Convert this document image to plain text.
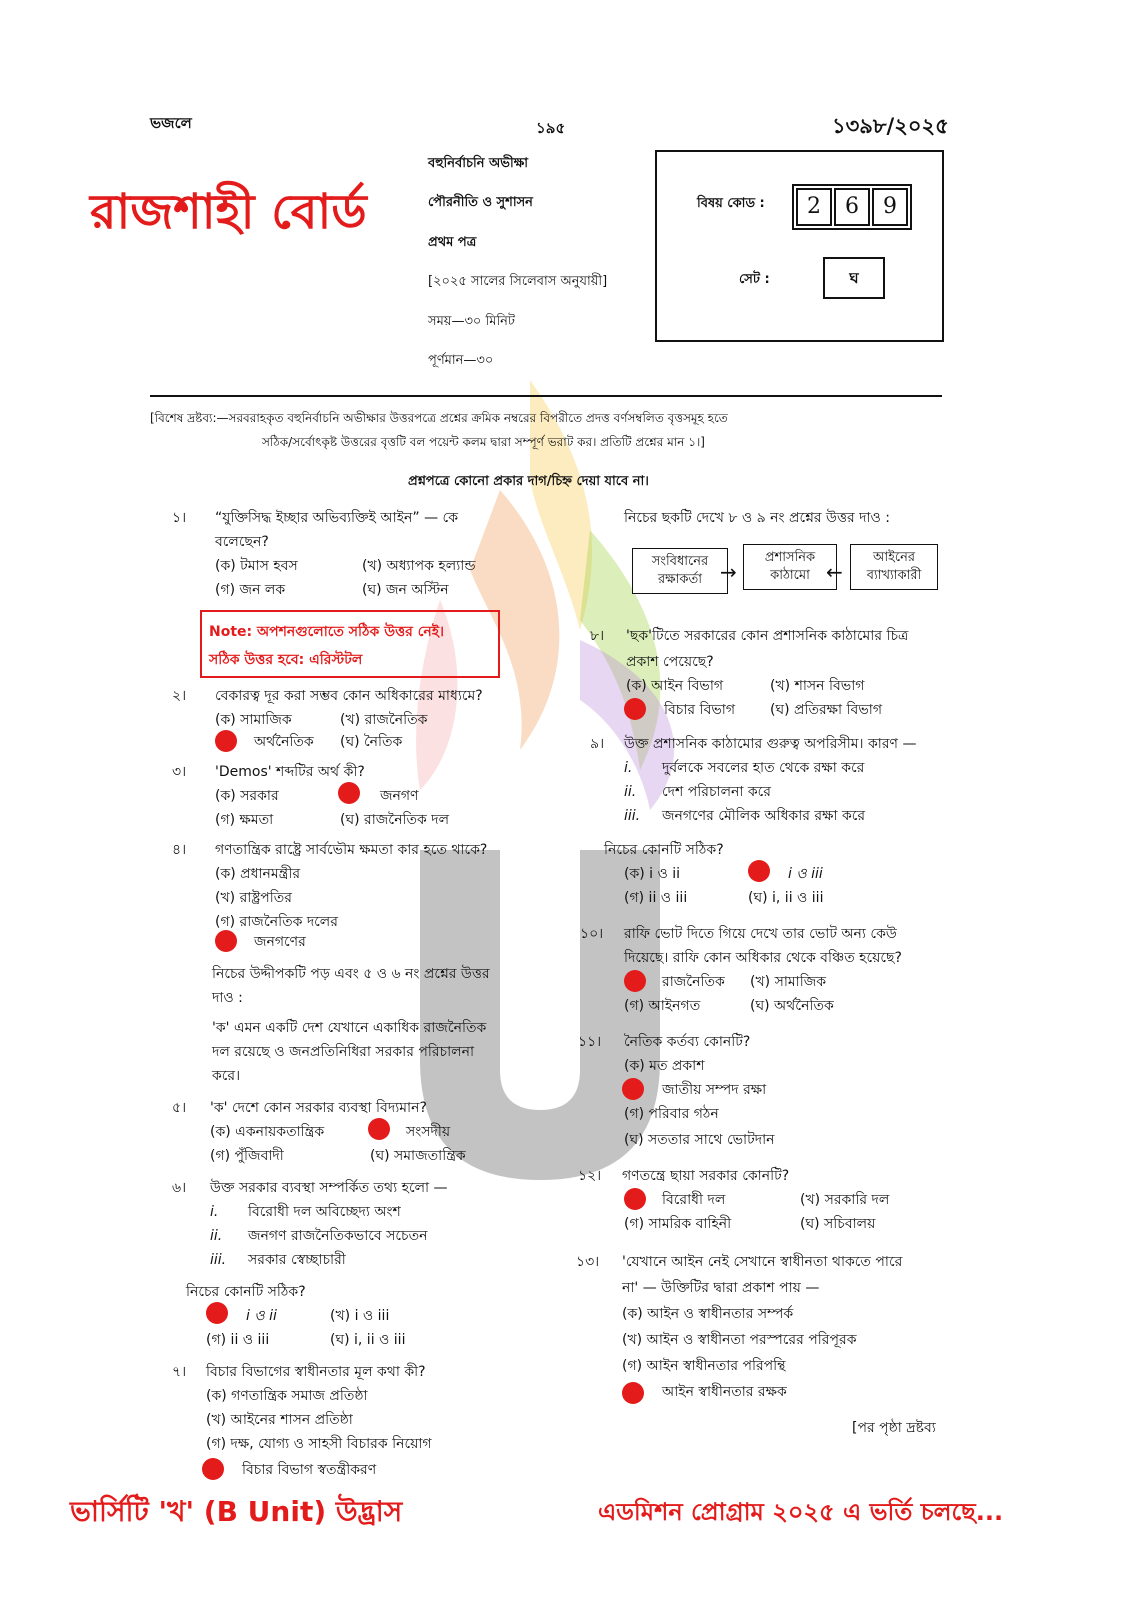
ভজলে	১৯৫	১৩৯৮/২০২৫
রাজশাহী বোর্ড
বহুনির্বাচনি অভীক্ষা
পৌরনীতি ও সুশাসন
প্রথম পত্র
[২০২৫ সালের সিলেবাস অনুযায়ী]
সময়—৩০ মিনিট
পূর্ণমান—৩০
বিষয় কোড :	2	6	9
সেট :	ঘ
[বিশেষ দ্রষ্টব্য:—সরবরাহকৃত বহুনির্বাচনি অভীক্ষার উত্তরপত্রে প্রশ্নের ক্রমিক নম্বরের বিপরীতে প্রদত্ত বর্ণসম্বলিত বৃত্তসমূহ হতে
সঠিক/সর্বোৎকৃষ্ট উত্তরের বৃত্তটি বল পয়েন্ট কলম দ্বারা সম্পূর্ণ ভরাট কর। প্রতিটি প্রশ্নের মান ১।]
প্রশ্নপত্রে কোনো প্রকার দাগ/চিহ্ন দেয়া যাবে না।
১। “যুক্তিসিদ্ধ ইচ্ছার অভিব্যক্তিই আইন” — কে
বলেছেন?
(ক) টমাস হবস	(খ) অধ্যাপক হল্যান্ড
(গ) জন লক	(ঘ) জন অস্টিন
Note: অপশনগুলোতে সঠিক উত্তর নেই।
সঠিক উত্তর হবে: এরিস্টটল
২। বেকারত্ব দূর করা সম্ভব কোন অধিকারের মাধ্যমে?
(ক) সামাজিক	(খ) রাজনৈতিক
অর্থনৈতিক (ঘ) নৈতিক
৩। 'Demos' শব্দটির অর্থ কী?
(ক) সরকার	জনগণ
(গ) ক্ষমতা	(ঘ) রাজনৈতিক দল
৪। গণতান্ত্রিক রাষ্ট্রে সার্বভৌম ক্ষমতা কার হতে থাকে?
(ক) প্রধানমন্ত্রীর
(খ) রাষ্ট্রপতির
(গ) রাজনৈতিক দলের
জনগণের
নিচের উদ্দীপকটি পড় এবং ৫ ও ৬ নং প্রশ্নের উত্তর
দাও :
'ক' এমন একটি দেশ যেখানে একাধিক রাজনৈতিক
দল রয়েছে ও জনপ্রতিনিধিরা সরকার পরিচালনা
করে।
৫। 'ক' দেশে কোন সরকার ব্যবস্থা বিদ্যমান?
(ক) একনায়কতান্ত্রিক	সংসদীয়
(গ) পুঁজিবাদী	(ঘ) সমাজতান্ত্রিক
৬। উক্ত সরকার ব্যবস্থা সম্পর্কিত তথ্য হলো —
i. বিরোধী দল অবিচ্ছেদ্য অংশ
ii. জনগণ রাজনৈতিকভাবে সচেতন
iii. সরকার স্বেচ্ছাচারী
নিচের কোনটি সঠিক?
i ও ii	(খ) i ও iii
(গ) ii ও iii	(ঘ) i, ii ও iii
৭। বিচার বিভাগের স্বাধীনতার মূল কথা কী?
(ক) গণতান্ত্রিক সমাজ প্রতিষ্ঠা
(খ) আইনের শাসন প্রতিষ্ঠা
(গ) দক্ষ, যোগ্য ও সাহসী বিচারক নিয়োগ
বিচার বিভাগ স্বতন্ত্রীকরণ
নিচের ছকটি দেখে ৮ ও ৯ নং প্রশ্নের উত্তর দাও :
সংবিধানের
রক্ষাকর্তা →
প্রশাসনিক
কাঠামো ←
আইনের
ব্যাখ্যাকারী
৮। 'ছক'টিতে সরকারের কোন প্রশাসনিক কাঠামোর চিত্র
প্রকাশ পেয়েছে?
(ক) আইন বিভাগ	(খ) শাসন বিভাগ
বিচার বিভাগ (ঘ) প্রতিরক্ষা বিভাগ
৯। উক্ত প্রশাসনিক কাঠামোর গুরুত্ব অপরিসীম। কারণ —
i. দুর্বলকে সবলের হাত থেকে রক্ষা করে
ii. দেশ পরিচালনা করে
iii. জনগণের মৌলিক অধিকার রক্ষা করে
নিচের কোনটি সঠিক?
(ক) i ও ii	i ও iii
(গ) ii ও iii	(ঘ) i, ii ও iii
১০। রাফি ভোট দিতে গিয়ে দেখে তার ভোট অন্য কেউ
দিয়েছে। রাফি কোন অধিকার থেকে বঞ্চিত হয়েছে?
রাজনৈতিক (খ) সামাজিক
(গ) আইনগত	(ঘ) অর্থনৈতিক
১১। নৈতিক কর্তব্য কোনটি?
(ক) মত প্রকাশ
জাতীয় সম্পদ রক্ষা
(গ) পরিবার গঠন
(ঘ) সততার সাথে ভোটদান
১২। গণতন্ত্রে ছায়া সরকার কোনটি?
বিরোধী দল	(খ) সরকারি দল
(গ) সামরিক বাহিনী	(ঘ) সচিবালয়
১৩। 'যেখানে আইন নেই সেখানে স্বাধীনতা থাকতে পারে
না' — উক্তিটির দ্বারা প্রকাশ পায় —
(ক) আইন ও স্বাধীনতার সম্পর্ক
(খ) আইন ও স্বাধীনতা পরস্পরের পরিপূরক
(গ) আইন স্বাধীনতার পরিপন্থি
আইন স্বাধীনতার রক্ষক
[পর পৃষ্ঠা দ্রষ্টব্য
ভার্সিটি 'খ' (B Unit) উদ্ভ্রাস	এডমিশন প্রোগ্রাম ২০২৫ এ ভর্তি চলছে...
